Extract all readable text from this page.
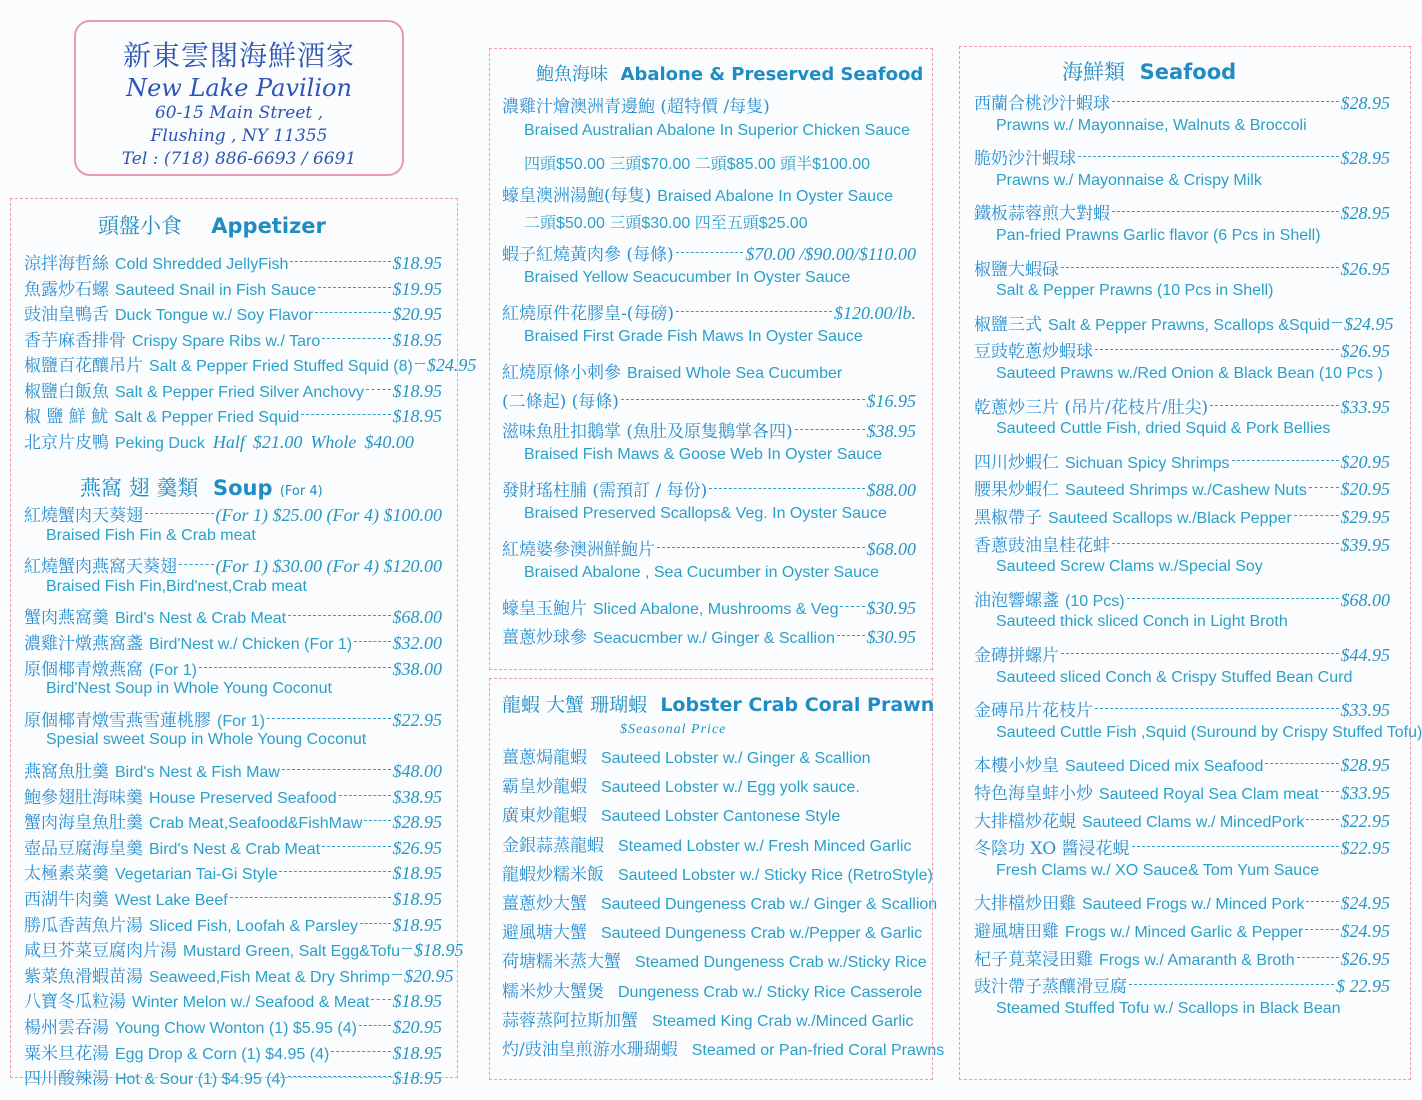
新東雲閣海鮮酒家
New Lake Pavilion
60-15 Main Street ,
Flushing , NY 11355
Tel : (718) 886-6693 / 6691
頭盤小食 Appetizer
燕窩 翅 羹類 Soup (For 4)
鮑魚海味 Abalone & Preserved Seafood
龍蝦 大蟹 珊瑚蝦 Lobster Crab Coral Prawn
$Seasonal Price
海鮮類 Seafood
北京片皮鴨 Peking Duck Half $21.00 Whole $40.00
涼拌海哲絲 Cold Shredded JellyFish	$18.95
魚露炒石螺 Sauteed Snail in Fish Sauce	$19.95
豉油皇鴨舌 Duck Tongue w./ Soy Flavor	$20.95
香芋麻香排骨 Crispy Spare Ribs w./ Taro	$18.95
椒鹽百花釀吊片 Salt & Pepper Fried Stuffed Squid (8) $24.95
椒鹽白飯魚 Salt & Pepper Fried Silver Anchovy $18.95
椒 鹽 鮮 魷 Salt & Pepper Fried Squid	$18.95
紅燒蟹肉天葵翅	(For 1) $25.00 (For 4) $100.00
Braised Fish Fin & Crab meat
紅燒蟹肉燕窩天葵翅 (For 1) $30.00 (For 4) $120.00
Braised Fish Fin,Bird'nest,Crab meat
蟹肉燕窩羹 Bird's Nest & Crab Meat	$68.00
濃雞汁燉燕窩盞 Bird'Nest w./ Chicken (For 1) $32.00
原個椰青燉燕窩 (For 1)	$38.00
Bird'Nest Soup in Whole Young Coconut
原個椰青燉雪燕雪蓮桃膠 (For 1)	$22.95
Spesial sweet Soup in Whole Young Coconut
燕窩魚肚羹 Bird's Nest & Fish Maw	$48.00
鮑參翅肚海味羹 House Preserved Seafood	$38.95
蟹肉海皇魚肚羹 Crab Meat,Seafood&FishMaw $28.95
壺品豆腐海皇羹 Bird's Nest & Crab Meat	$26.95
太極素菜羹 Vegetarian Tai-Gi Style	$18.95
西湖牛肉羹 West Lake Beef	$18.95
勝瓜香茜魚片湯 Sliced Fish, Loofah & Parsley $18.95
咸旦芥菜豆腐肉片湯 Mustard Green, Salt Egg&Tofu $18.95
紫菜魚滑蝦苗湯 Seaweed,Fish Meat & Dry Shrimp $20.95
八寶冬瓜粒湯 Winter Melon w./ Seafood & Meat $18.95
楊州雲吞湯 Young Chow Wonton (1) $5.95 (4) $20.95
粟米旦花湯 Egg Drop & Corn (1) $4.95 (4)	$18.95
四川酸辣湯 Hot & Sour (1) $4.95 (4)	$18.95
濃雞汁燴澳洲青邊鮑 (超特價 /每隻)
Braised Australian Abalone In Superior Chicken Sauce
四頭$50.00 三頭$70.00 二頭$85.00 頭半$100.00
蠔皇澳洲湯鮑(每隻) Braised Abalone In Oyster Sauce
二頭$50.00 三頭$30.00 四至五頭$25.00
蝦子紅燒黃肉參 (每條)	$70.00 /$90.00/$110.00
Braised Yellow Seacucumber In Oyster Sauce
紅燒原件花膠皇-(每磅)	$120.00/lb.
Braised First Grade Fish Maws In Oyster Sauce
紅燒原條小刺參 Braised Whole Sea Cucumber
(二條起) (每條)	$16.95
滋味魚肚扣鵝掌 (魚肚及原隻鵝掌各四)	$38.95
Braised Fish Maws & Goose Web In Oyster Sauce
發財瑤柱脯 (需預訂 / 每份)	$88.00
Braised Preserved Scallops& Veg. In Oyster Sauce
紅燒婆參澳洲鮮鮑片	$68.00
Braised Abalone , Sea Cucumber in Oyster Sauce
蠔皇玉鮑片 Sliced Abalone, Mushrooms & Veg $30.95
薑蔥炒球參 Seacucmber w./ Ginger & Scallion $30.95
薑蔥焗龍蝦 Sauteed Lobster w./ Ginger & Scallion
霸皇炒龍蝦 Sauteed Lobster w./ Egg yolk sauce.
廣東炒龍蝦 Sauteed Lobster Cantonese Style
金銀蒜蒸龍蝦 Steamed Lobster w./ Fresh Minced Garlic
龍蝦炒糯米飯 Sauteed Lobster w./ Sticky Rice (RetroStyle)
薑蔥炒大蟹 Sauteed Dungeness Crab w./ Ginger & Scallion
避風塘大蟹 Sauteed Dungeness Crab w./Pepper & Garlic
荷塘糯米蒸大蟹 Steamed Dungeness Crab w./Sticky Rice
糯米炒大蟹煲 Dungeness Crab w./ Sticky Rice Casserole
蒜蓉蒸阿拉斯加蟹 Steamed King Crab w./Minced Garlic
灼/豉油皇煎游水珊瑚蝦 Steamed or Pan-fried Coral Prawns
西蘭合桃沙汁蝦球	$28.95
Prawns w./ Mayonnaise, Walnuts & Broccoli
脆奶沙汁蝦球	$28.95
Prawns w./ Mayonnaise & Crispy Milk
鐵板蒜蓉煎大對蝦	$28.95
Pan-fried Prawns Garlic flavor (6 Pcs in Shell)
椒鹽大蝦碌	$26.95
Salt & Pepper Prawns (10 Pcs in Shell)
椒鹽三式 Salt & Pepper Prawns, Scallops &Squid $24.95
豆豉乾蔥炒蝦球	$26.95
Sauteed Prawns w./Red Onion & Black Bean (10 Pcs )
乾蔥炒三片 (吊片/花枝片/肚尖)	$33.95
Sauteed Cuttle Fish, dried Squid & Pork Bellies
四川炒蝦仁 Sichuan Spicy Shrimps	$20.95
腰果炒蝦仁 Sauteed Shrimps w./Cashew Nuts $20.95
黑椒帶子 Sauteed Scallops w./Black Pepper	$29.95
香蔥豉油皇桂花蚌	$39.95
Sauteed Screw Clams w./Special Soy
油泡響螺盞 (10 Pcs)	$68.00
Sauteed thick sliced Conch in Light Broth
金磚拼螺片	$44.95
Sauteed sliced Conch & Crispy Stuffed Bean Curd
金磚吊片花枝片	$33.95
Sauteed Cuttle Fish ,Squid (Suround by Crispy Stuffed Tofu)
本樓小炒皇 Sauteed Diced mix Seafood	$28.95
特色海皇蚌小炒 Sauteed Royal Sea Clam meat $33.95
大排檔炒花蜆 Sauteed Clams w./ MincedPork $22.95
冬陰功 XO 醬浸花蜆	$22.95
Fresh Clams w./ XO Sauce& Tom Yum Sauce
大排檔炒田雞 Sauteed Frogs w./ Minced Pork $24.95
避風塘田雞 Frogs w./ Minced Garlic & Pepper $24.95
杞子莧菜浸田雞 Frogs w./ Amaranth & Broth	$26.95
豉汁帶子蒸釀滑豆腐	$ 22.95
Steamed Stuffed Tofu w./ Scallops in Black Bean
